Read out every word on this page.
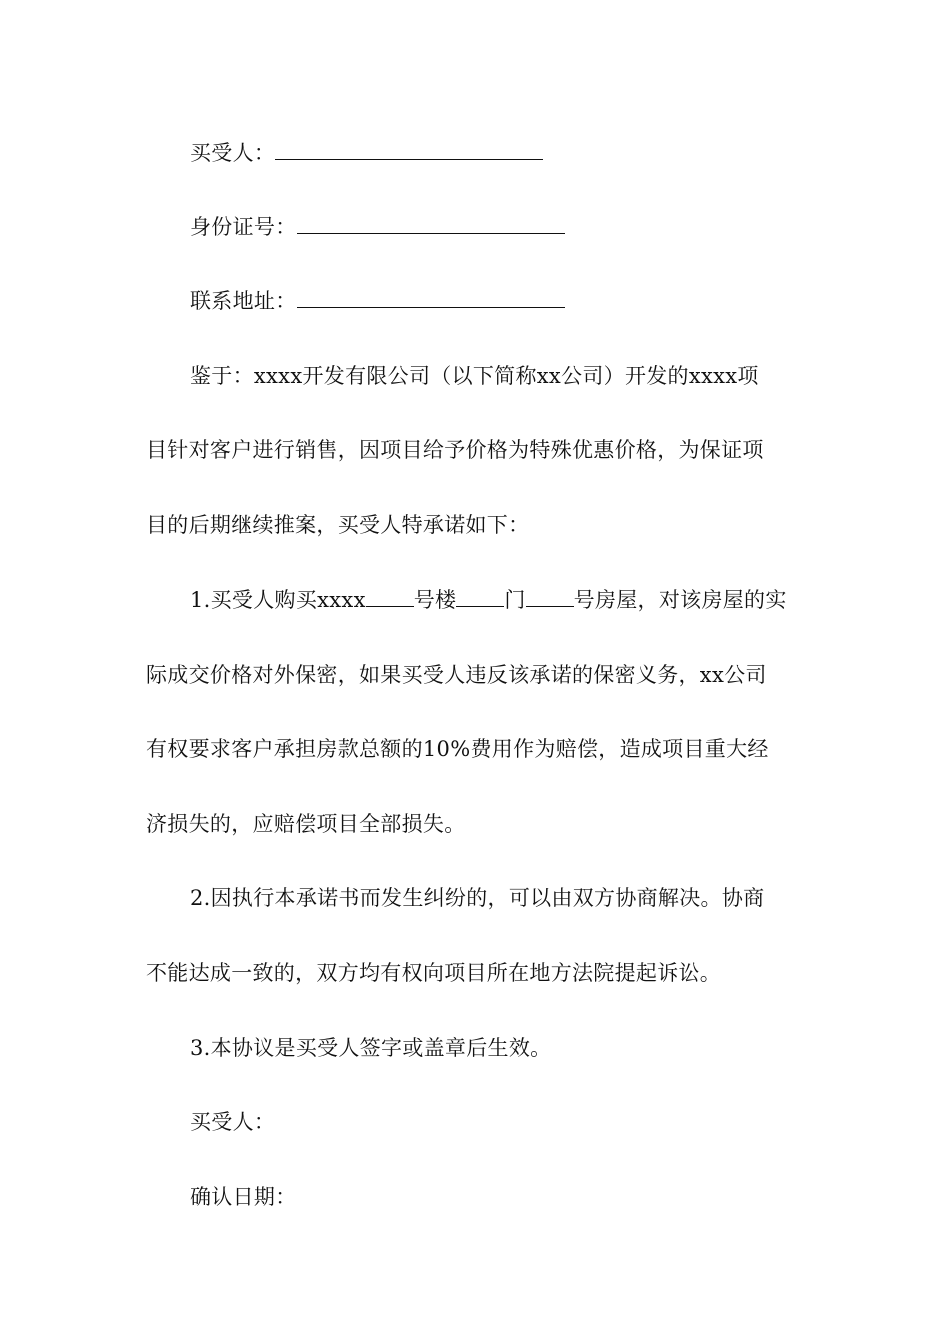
买受人：
身份证号：
联系地址：
鉴于：xxxx开发有限公司（以下简称xx公司）开发的xxxx项
目针对客户进行销售，因项目给予价格为特殊优惠价格，为保证项
目的后期继续推案，买受人特承诺如下：
1.买受人购买xxxx 号楼 门 号房屋，对该房屋的实
际成交价格对外保密，如果买受人违反该承诺的保密义务，xx公司
有权要求客户承担房款总额的10%费用作为赔偿，造成项目重大经
济损失的，应赔偿项目全部损失。
2.因执行本承诺书而发生纠纷的，可以由双方协商解决。协商
不能达成一致的，双方均有权向项目所在地方法院提起诉讼。
3.本协议是买受人签字或盖章后生效。
买受人：
确认日期：
